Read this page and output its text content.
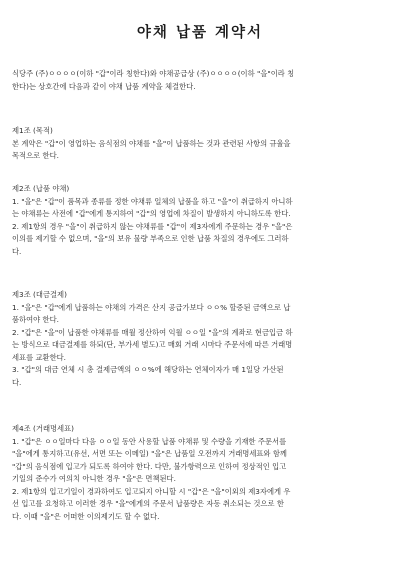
야채 납품 계약서
식당주 (주)ㅇㅇㅇㅇ(이하 "갑"이라 칭한다)와 야채공급상 (주)ㅇㅇㅇㅇ(이하 "을"이라 칭
한다)는 상호간에 다음과 같이 야채 납품 계약을 체결한다.
제1조 (목적)
본 계약은 "갑"이 영업하는 음식점의 야채를 "을"이 납품하는 것과 관련된 사항의 규율을
목적으로 한다.
제2조 (납품 야채)
1. "을"은 "갑"이 품목과 종류를 정한 야채류 일체의 납품을 하고 "을"이 취급하지 아니하
는 야채류는 사전에 "갑"에게 통지하여 "갑"의 영업에 차질이 발생하지 아니하도록 한다.
2. 제1항의 경우 "을"이 취급하지 않는 야채류를 "갑"이 제3자에게 주문하는 경우 "을"은
이의를 제기할 수 없으며, "을"의 보유 물량 부족으로 인한 납품 차질의 경우에도 그러하
다.
제3조 (대금결제)
1. "을"은 "갑"에게 납품하는 야채의 가격은 산지 공급가보다 ㅇㅇ% 할증된 금액으로 납
품하여야 한다.
2. "갑"은 "을"이 납품한 야채류를 매월 정산하여 익월 ㅇㅇ일 "을"의 계좌로 현금입금 하
는 방식으로 대금결제를 하되(단, 부가세 별도)고 매회 거래 시마다 주문서에 따른 거래명
세표를 교환한다.
3. "갑"의 대금 연체 시 총 결제금액의 ㅇㅇ%에 해당하는 연체이자가 매 1일당 가산된
다.
제4조 (거래명세표)
1. "갑"은 ㅇㅇ일마다 다음 ㅇㅇ일 동안 사용할 납품 야채류 및 수량을 기재한 주문서를
"을"에게 통지하고(유선, 서면 또는 이메일) "을"은 납품일 오전까지 거래명세표와 함께
"갑"의 음식점에 입고가 되도록 하여야 한다. 다만, 불가항력으로 인하여 정상적인 입고
기일의 준수가 여의치 아니한 경우 "을"은 면책된다.
2. 제1항의 입고기일이 경과하여도 입고되지 아니할 시 "갑"은 "을"이외의 제3자에게 우
선 입고를 요청하고 이러한 경우 "을"에게의 주문서 납품량은 자동 취소되는 것으로 한
다. 이때 "을"은 어떠한 이의제기도 할 수 없다.
